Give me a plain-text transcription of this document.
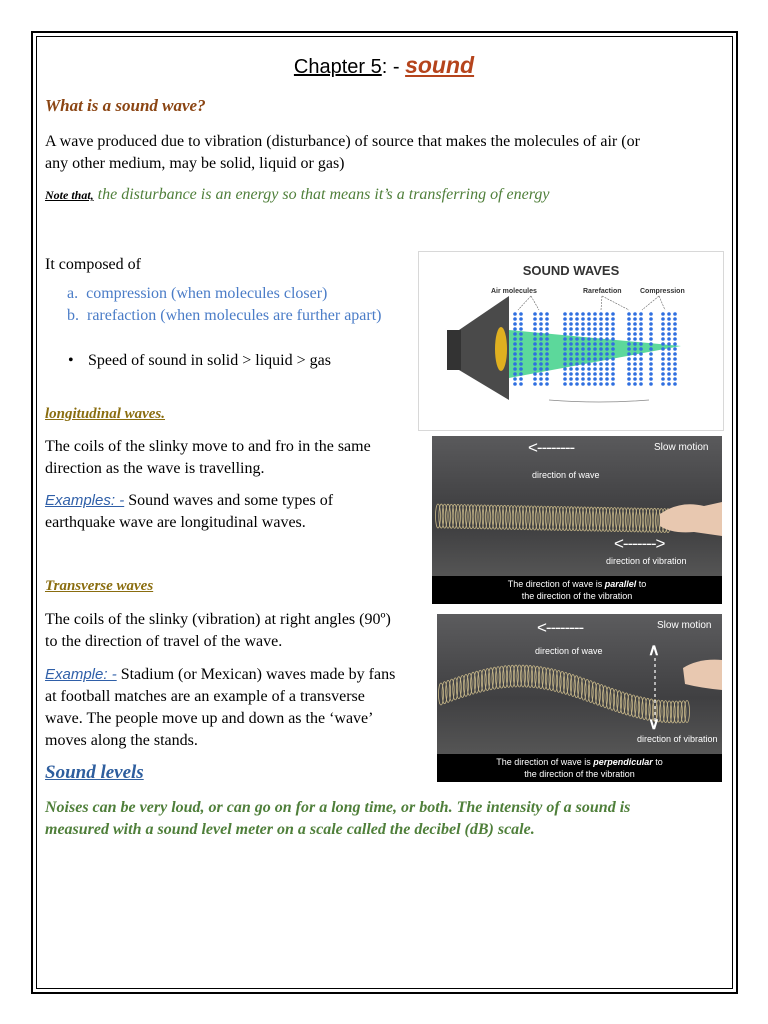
Chapter 5: - sound
What is a sound wave?
A wave produced due to vibration (disturbance) of source that makes the molecules of air (or
any other medium, may be solid, liquid or gas)
Note that, the disturbance is an energy so that means it’s a transferring of energy
It composed of
a. compression (when molecules closer)
b. rarefaction (when molecules are further apart)
• Speed of sound in solid > liquid > gas
SOUND WAVES
Air molecules	Rarefaction	Compression
longitudinal waves.
The coils of the slinky move to and fro in the same
direction as the wave is travelling.
Examples: - Sound waves and some types of
earthquake wave are longitudinal waves.
Slow motion
<--------
direction of wave
<------->
direction of vibration
The direction of wave is parallel to
the direction of the vibration
Transverse waves
The coils of the slinky (vibration) at right angles (90º)
to the direction of travel of the wave.
Example: - Stadium (or Mexican) waves made by fans
at football matches are an example of a transverse
wave. The people move up and down as the ‘wave’
moves along the stands.
Slow motion
<--------
direction of wave	∧
∨
direction of vibration
The direction of wave is perpendicular to
the direction of the vibration
Sound levels
Noises can be very loud, or can go on for a long time, or both. The intensity of a sound is
measured with a sound level meter on a scale called the decibel (dB) scale.
